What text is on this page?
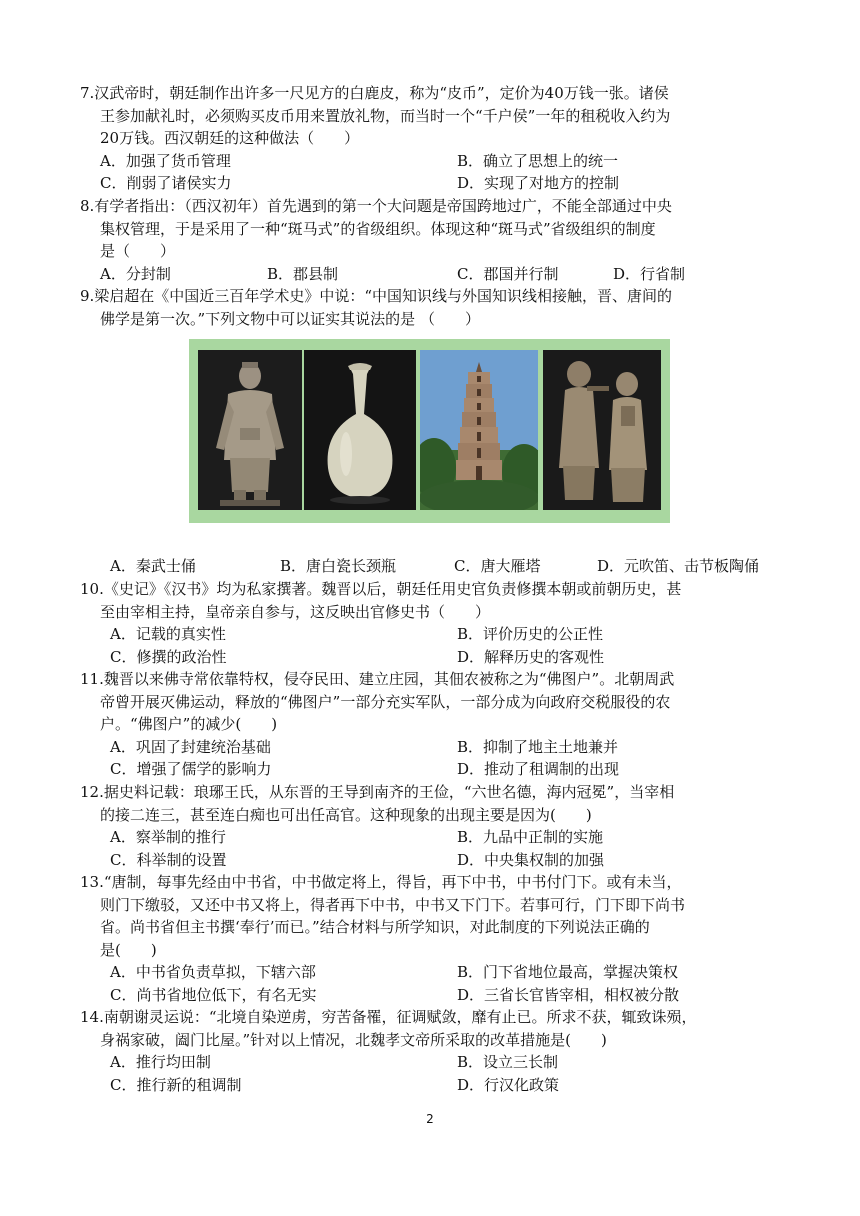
7.汉武帝时，朝廷制作出许多一尺见方的白鹿皮，称为“皮币”，定价为40万钱一张。诸侯
王参加献礼时，必须购买皮币用来置放礼物，而当时一个“千户侯”一年的租税收入约为
20万钱。西汉朝廷的这种做法（　　）
A．加强了货币管理	B．确立了思想上的统一
C．削弱了诸侯实力	D．实现了对地方的控制
8.有学者指出：（西汉初年）首先遇到的第一个大问题是帝国跨地过广，不能全部通过中央
集权管理，于是采用了一种“斑马式”的省级组织。体现这种“斑马式”省级组织的制度
是（　　）
A．分封制	B．郡县制	C．郡国并行制	D．行省制
9.梁启超在《中国近三百年学术史》中说：“中国知识线与外国知识线相接触，晋、唐间的
佛学是第一次。”下列文物中可以证实其说法的是 （　　）
A．秦武士俑	B．唐白瓷长颈瓶	C．唐大雁塔	D．元吹笛、击节板陶俑
10.《史记》《汉书》均为私家撰著。魏晋以后，朝廷任用史官负责修撰本朝或前朝历史，甚
至由宰相主持，皇帝亲自参与，这反映出官修史书（　　）
A．记载的真实性	B．评价历史的公正性
C．修撰的政治性	D．解释历史的客观性
11.魏晋以来佛寺常依靠特权，侵夺民田、建立庄园，其佃农被称之为“佛图户”。北朝周武
帝曾开展灭佛运动，释放的“佛图户”一部分充实军队，一部分成为向政府交税服役的农
户。“佛图户”的减少(　　)
A．巩固了封建统治基础	B．抑制了地主土地兼并
C．增强了儒学的影响力	D．推动了租调制的出现
12.据史料记载：琅琊王氏，从东晋的王导到南齐的王俭，“六世名德，海内冠冕”，当宰相
的接二连三，甚至连白痴也可出任高官。这种现象的出现主要是因为(　　)
A．察举制的推行	B．九品中正制的实施
C．科举制的设置	D．中央集权制的加强
13.“唐制，每事先经由中书省，中书做定将上，得旨，再下中书，中书付门下。或有未当，
则门下缴驳，又还中书又将上，得者再下中书，中书又下门下。若事可行，门下即下尚书
省。尚书省但主书撰‘奉行’而已。”结合材料与所学知识，对此制度的下列说法正确的
是(　　)
A．中书省负责草拟，下辖六部	B．门下省地位最高，掌握决策权
C．尚书省地位低下，有名无实	D．三省长官皆宰相，相权被分散
14.南朝谢灵运说：“北境自染逆虏，穷苦备罹，征调赋敛，靡有止已。所求不获，辄致诛殒，
身祸家破，阖门比屋。”针对以上情况，北魏孝文帝所采取的改革措施是(　　)
A．推行均田制	B．设立三长制
C．推行新的租调制	D．行汉化政策
2
